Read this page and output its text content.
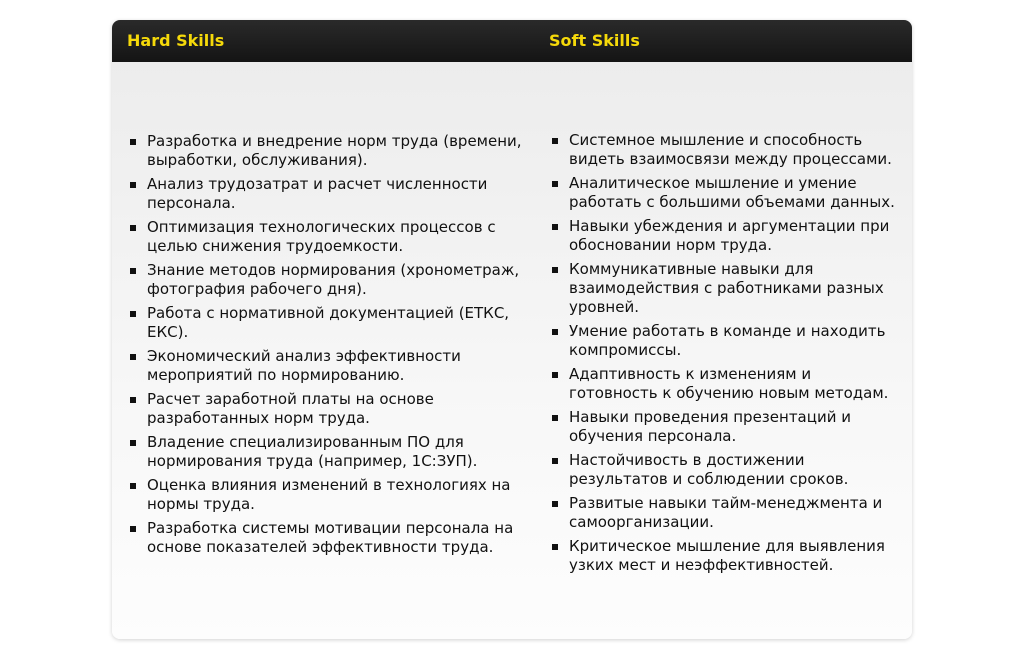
Hard Skills	Soft Skills
Разработка и внедрение норм труда (времени, выработки, обслуживания).
Анализ трудозатрат и расчет численности персонала.
Оптимизация технологических процессов с целью снижения трудоемкости.
Знание методов нормирования (хронометраж, фотография рабочего дня).
Работа с нормативной документацией (ЕТКС, ЕКС).
Экономический анализ эффективности мероприятий по нормированию.
Расчет заработной платы на основе разработанных норм труда.
Владение специализированным ПО для нормирования труда (например, 1С:ЗУП).
Оценка влияния изменений в технологиях на нормы труда.
Разработка системы мотивации персонала на основе показателей эффективности труда.
Системное мышление и способность видеть взаимосвязи между процессами.
Аналитическое мышление и умение работать с большими объемами данных.
Навыки убеждения и аргументации при обосновании норм труда.
Коммуникативные навыки для взаимодействия с работниками разных уровней.
Умение работать в команде и находить компромиссы.
Адаптивность к изменениям и готовность к обучению новым методам.
Навыки проведения презентаций и обучения персонала.
Настойчивость в достижении результатов и соблюдении сроков.
Развитые навыки тайм-менеджмента и самоорганизации.
Критическое мышление для выявления узких мест и неэффективностей.
